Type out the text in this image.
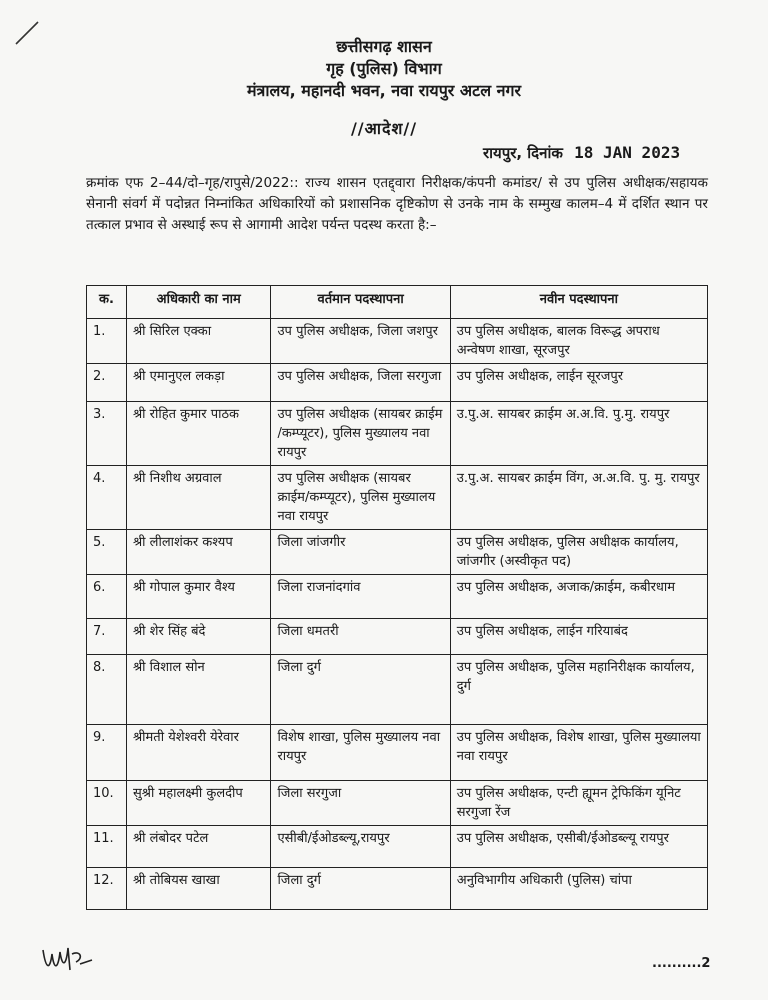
छत्तीसगढ़ शासन
गृह (पुलिस) विभाग
मंत्रालय, महानदी भवन, नवा रायपुर अटल नगर
//आदेश//
रायपुर, दिनांक 18 JAN 2023
क्रमांक एफ 2–44/दो–गृह/रापुसे/2022:: राज्य शासन एतद्द्वारा निरीक्षक/कंपनी कमांडर/ से उप पुलिस अधीक्षक/सहायक सेनानी संवर्ग में पदोन्नत निम्नांकित अधिकारियों को प्रशासनिक दृष्टिकोण से उनके नाम के सम्मुख कालम–4 में दर्शित स्थान पर तत्काल प्रभाव से अस्थाई रूप से आगामी आदेश पर्यन्त पदस्थ करता है:–
क.	अधिकारी का नाम	वर्तमान पदस्थापना	नवीन पदस्थापना
1.	श्री सिरिल एक्का	उप पुलिस अधीक्षक, जिला जशपुर	उप पुलिस अधीक्षक, बालक विरूद्ध अपराध अन्वेषण शाखा, सूरजपुर
2.	श्री एमानुएल लकड़ा	उप पुलिस अधीक्षक, जिला सरगुजा	उप पुलिस अधीक्षक, लाईन सूरजपुर
3.	श्री रोहित कुमार पाठक	उप पुलिस अधीक्षक (सायबर क्राईम /कम्प्यूटर), पुलिस मुख्यालय नवा रायपुर	उ.पु.अ. सायबर क्राईम अ.अ.वि. पु.मु. रायपुर
4.	श्री निशीथ अग्रवाल	उप पुलिस अधीक्षक (सायबर क्राईम/कम्प्यूटर), पुलिस मुख्यालय नवा रायपुर	उ.पु.अ. सायबर क्राईम विंग, अ.अ.वि. पु. मु. रायपुर
5.	श्री लीलाशंकर कश्यप	जिला जांजगीर	उप पुलिस अधीक्षक, पुलिस अधीक्षक कार्यालय, जांजगीर (अस्वीकृत पद)
6.	श्री गोपाल कुमार वैश्य	जिला राजनांदगांव	उप पुलिस अधीक्षक, अजाक/क्राईम, कबीरधाम
7.	श्री शेर सिंह बंदे	जिला धमतरी	उप पुलिस अधीक्षक, लाईन गरियाबंद
8.	श्री विशाल सोन	जिला दुर्ग	उप पुलिस अधीक्षक, पुलिस महानिरीक्षक कार्यालय, दुर्ग
9.	श्रीमती येशेश्वरी येरेवार	विशेष शाखा, पुलिस मुख्यालय नवा रायपुर	उप पुलिस अधीक्षक, विशेष शाखा, पुलिस मुख्यालया नवा रायपुर
10.	सुश्री महालक्ष्मी कुलदीप	जिला सरगुजा	उप पुलिस अधीक्षक, एन्टी ह्यूमन ट्रेफिकिंग यूनिट सरगुजा रेंज
11.	श्री लंबोदर पटेल	एसीबी/ईओडब्ल्यू,रायपुर	उप पुलिस अधीक्षक, एसीबी/ईओडब्ल्यू रायपुर
12.	श्री तोबियस खाखा	जिला दुर्ग	अनुविभागीय अधिकारी (पुलिस) चांपा
..........2
